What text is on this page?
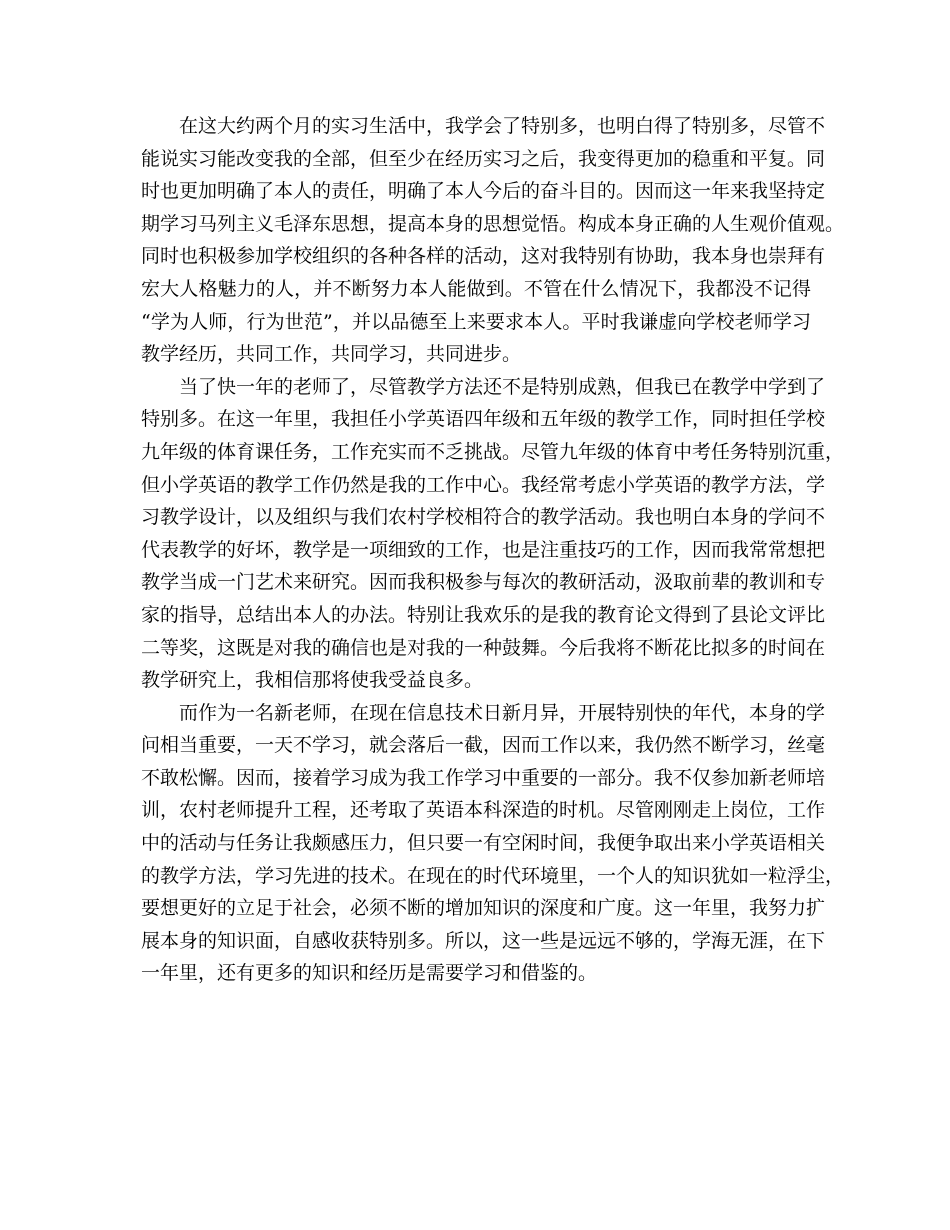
在这大约两个月的实习生活中，我学会了特别多，也明白得了特别多，尽管不
能说实习能改变我的全部，但至少在经历实习之后，我变得更加的稳重和平复。同
时也更加明确了本人的责任，明确了本人今后的奋斗目的。因而这一年来我坚持定
期学习马列主义毛泽东思想，提高本身的思想觉悟。构成本身正确的人生观价值观。
同时也积极参加学校组织的各种各样的活动，这对我特别有协助，我本身也崇拜有
宏大人格魅力的人，并不断努力本人能做到。不管在什么情况下，我都没不记得
“学为人师，行为世范”，并以品德至上来要求本人。平时我谦虚向学校老师学习
教学经历，共同工作，共同学习，共同进步。
当了快一年的老师了，尽管教学方法还不是特别成熟，但我已在教学中学到了
特别多。在这一年里，我担任小学英语四年级和五年级的教学工作，同时担任学校
九年级的体育课任务，工作充实而不乏挑战。尽管九年级的体育中考任务特别沉重，
但小学英语的教学工作仍然是我的工作中心。我经常考虑小学英语的教学方法，学
习教学设计，以及组织与我们农村学校相符合的教学活动。我也明白本身的学问不
代表教学的好坏，教学是一项细致的工作，也是注重技巧的工作，因而我常常想把
教学当成一门艺术来研究。因而我积极参与每次的教研活动，汲取前辈的教训和专
家的指导，总结出本人的办法。特别让我欢乐的是我的教育论文得到了县论文评比
二等奖，这既是对我的确信也是对我的一种鼓舞。今后我将不断花比拟多的时间在
教学研究上，我相信那将使我受益良多。
而作为一名新老师，在现在信息技术日新月异，开展特别快的年代，本身的学
问相当重要，一天不学习，就会落后一截，因而工作以来，我仍然不断学习，丝毫
不敢松懈。因而，接着学习成为我工作学习中重要的一部分。我不仅参加新老师培
训，农村老师提升工程，还考取了英语本科深造的时机。尽管刚刚走上岗位，工作
中的活动与任务让我颇感压力，但只要一有空闲时间，我便争取出来小学英语相关
的教学方法，学习先进的技术。在现在的时代环境里，一个人的知识犹如一粒浮尘，
要想更好的立足于社会，必须不断的增加知识的深度和广度。这一年里，我努力扩
展本身的知识面，自感收获特别多。所以，这一些是远远不够的，学海无涯，在下
一年里，还有更多的知识和经历是需要学习和借鉴的。
